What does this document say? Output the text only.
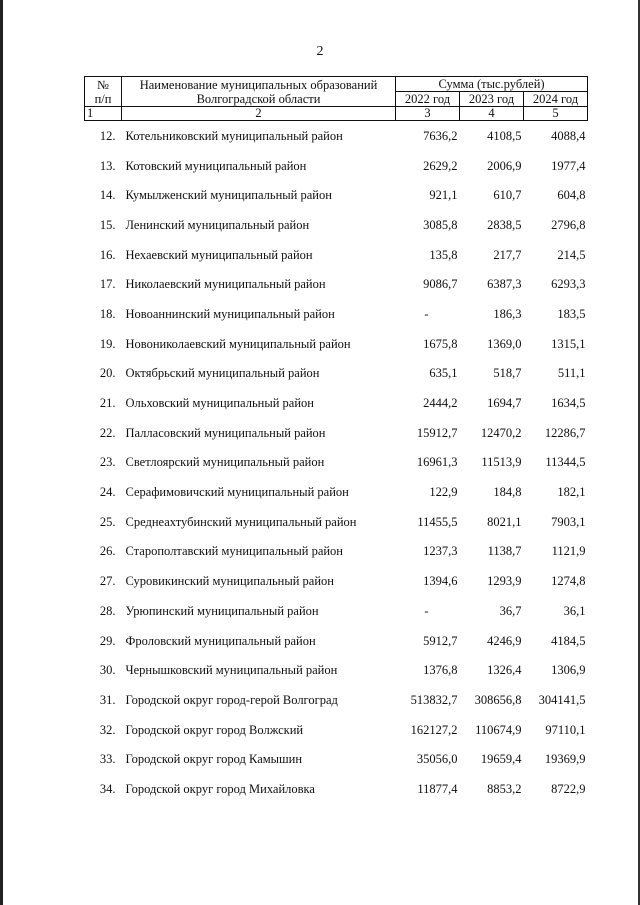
2
№
п/п	Наименование муниципальных образований Волгоградской области	Сумма (тыс.рублей)		
		2022 год	2023 год	2024 год
1	2	3	4	5
12.	Котельниковский муниципальный район	7636,2	4108,5	4088,4
13.	Котовский муниципальный район	2629,2	2006,9	1977,4
14.	Кумылженский муниципальный район	921,1	610,7	604,8
15.	Ленинский муниципальный район	3085,8	2838,5	2796,8
16.	Нехаевский муниципальный район	135,8	217,7	214,5
17.	Николаевский муниципальный район	9086,7	6387,3	6293,3
18.	Новоаннинский муниципальный район	-	186,3	183,5
19.	Новониколаевский муниципальный район	1675,8	1369,0	1315,1
20.	Октябрьский муниципальный район	635,1	518,7	511,1
21.	Ольховский муниципальный район	2444,2	1694,7	1634,5
22.	Палласовский муниципальный район	15912,7	12470,2	12286,7
23.	Светлоярский муниципальный район	16961,3	11513,9	11344,5
24.	Серафимовичский муниципальный район	122,9	184,8	182,1
25.	Среднеахтубинский муниципальный район	11455,5	8021,1	7903,1
26.	Старополтавский муниципальный район	1237,3	1138,7	1121,9
27.	Суровикинский муниципальный район	1394,6	1293,9	1274,8
28.	Урюпинский муниципальный район	-	36,7	36,1
29.	Фроловский муниципальный район	5912,7	4246,9	4184,5
30.	Чернышковский муниципальный район	1376,8	1326,4	1306,9
31.	Городской округ город-герой Волгоград	513832,7	308656,8	304141,5
32.	Городской округ город Волжский	162127,2	110674,9	97110,1
33.	Городской округ город Камышин	35056,0	19659,4	19369,9
34.	Городской округ город Михайловка	11877,4	8853,2	8722,9
